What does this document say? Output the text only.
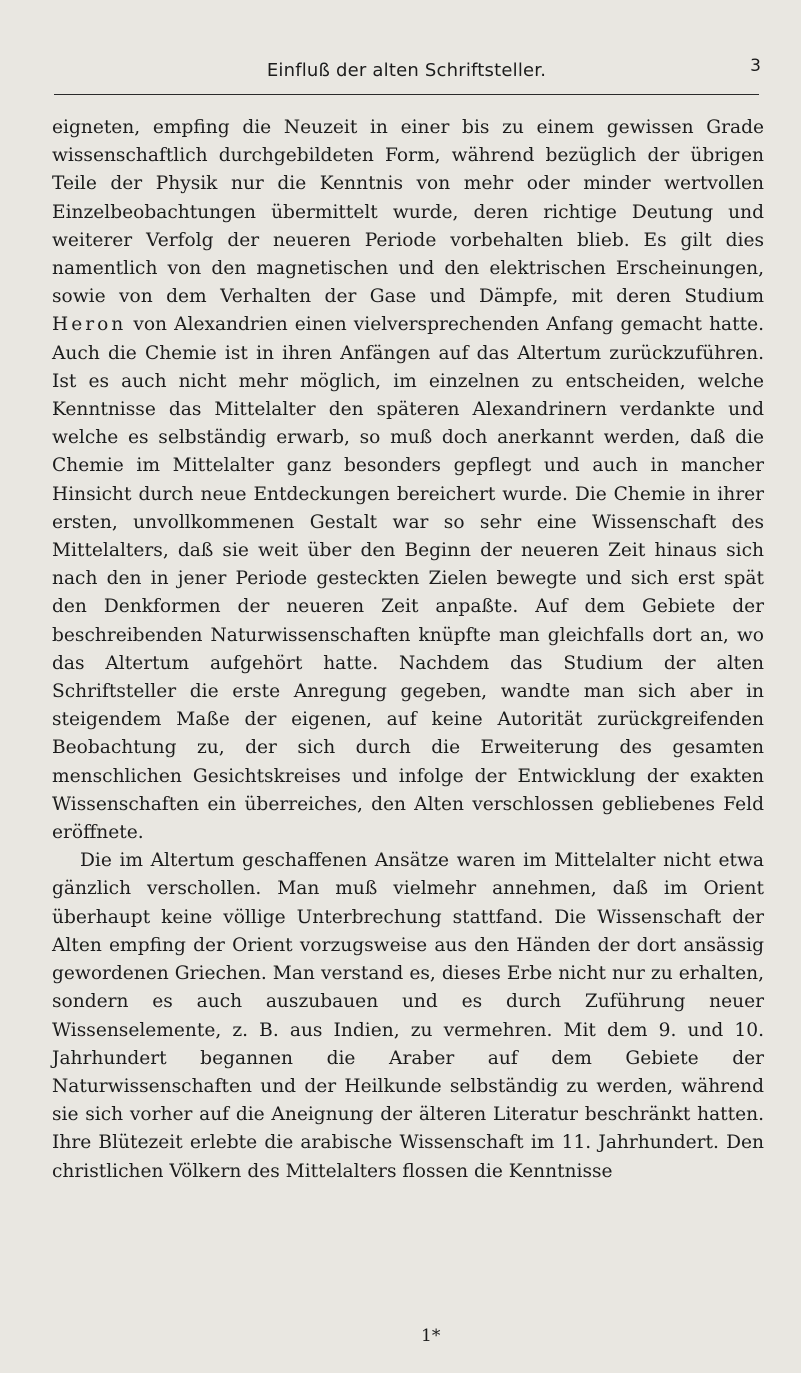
Einfluß der alten Schriftsteller.	3

eigneten, empfing die Neuzeit in einer bis zu einem gewissen Grade wissenschaftlich durchgebildeten Form, während bezüglich der übrigen Teile der Physik nur die Kenntnis von mehr oder minder wertvollen Einzelbeobachtungen übermittelt wurde, deren richtige Deutung und weiterer Verfolg der neueren Periode vorbehalten blieb. Es gilt dies namentlich von den magnetischen und den elektrischen Erscheinungen, sowie von dem Verhalten der Gase und Dämpfe, mit deren Studium Heron von Alexandrien einen vielversprechenden Anfang gemacht hatte. Auch die Chemie ist in ihren Anfängen auf das Altertum zurückzuführen. Ist es auch nicht mehr möglich, im einzelnen zu entscheiden, welche Kenntnisse das Mittelalter den späteren Alexandrinern verdankte und welche es selbständig erwarb, so muß doch anerkannt werden, daß die Chemie im Mittelalter ganz besonders gepflegt und auch in mancher Hinsicht durch neue Entdeckungen bereichert wurde. Die Chemie in ihrer ersten, unvollkommenen Gestalt war so sehr eine Wissenschaft des Mittelalters, daß sie weit über den Beginn der neueren Zeit hinaus sich nach den in jener Periode gesteckten Zielen bewegte und sich erst spät den Denkformen der neueren Zeit anpaßte. Auf dem Gebiete der beschreibenden Naturwissenschaften knüpfte man gleichfalls dort an, wo das Altertum aufgehört hatte. Nachdem das Studium der alten Schriftsteller die erste Anregung gegeben, wandte man sich aber in steigendem Maße der eigenen, auf keine Autorität zurückgreifenden Beobachtung zu, der sich durch die Erweiterung des gesamten menschlichen Gesichtskreises und infolge der Entwicklung der exakten Wissenschaften ein überreiches, den Alten verschlossen gebliebenes Feld eröffnete.

Die im Altertum geschaffenen Ansätze waren im Mittelalter nicht etwa gänzlich verschollen. Man muß vielmehr annehmen, daß im Orient überhaupt keine völlige Unterbrechung stattfand. Die Wissenschaft der Alten empfing der Orient vorzugsweise aus den Händen der dort ansässig gewordenen Griechen. Man verstand es, dieses Erbe nicht nur zu erhalten, sondern es auch auszubauen und es durch Zuführung neuer Wissenselemente, z. B. aus Indien, zu vermehren. Mit dem 9. und 10. Jahrhundert begannen die Araber auf dem Gebiete der Naturwissenschaften und der Heilkunde selbständig zu werden, während sie sich vorher auf die Aneignung der älteren Literatur beschränkt hatten. Ihre Blütezeit erlebte die arabische Wissenschaft im 11. Jahrhundert. Den christlichen Völkern des Mittelalters flossen die Kenntnisse

1*
